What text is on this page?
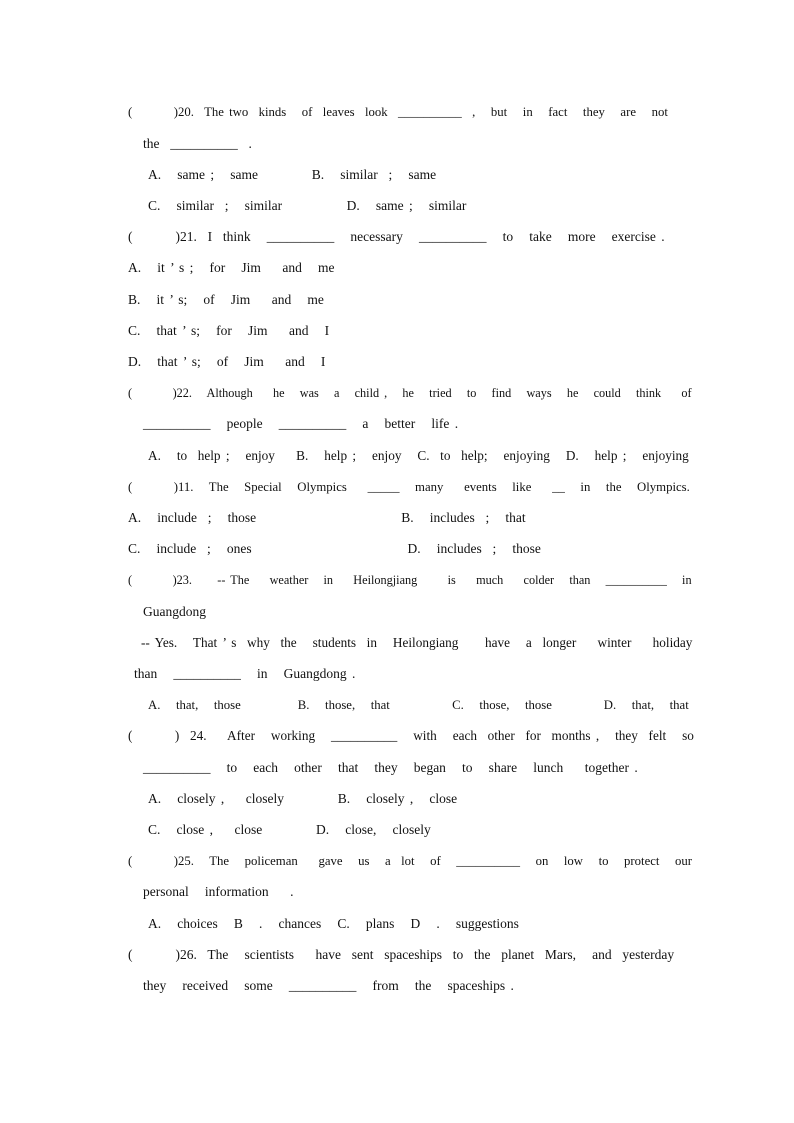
(        )20.  The two  kinds   of  leaves  look  __________  ,   but   in   fact   they   are   not
the  __________  .
A.   same ;   same          B.   similar  ;   same
C.   similar  ;   similar            D.   same ;   similar
(        )21.  I  think   __________   necessary   __________   to   take   more   exercise .
A.   it ’ s ;   for   Jim    and   me
B.   it ’ s;   of   Jim    and   me
C.   that ’ s;   for   Jim    and   I
D.   that ’ s;   of   Jim    and   I
(        )22.   Although    he   was   a   child ,   he   tried   to   find   ways   he   could   think    of
__________   people   __________   a   better   life .
A.   to  help ;   enjoy    B.   help ;   enjoy   C.  to  help;   enjoying   D.   help ;   enjoying
(        )11.   The   Special   Olympics    _____   many    events   like    __   in   the   Olympics.
A.   include  ;   those                           B.   includes  ;   that
C.   include  ;   ones                             D.   includes  ;   those
(        )23.     -- The    weather   in    Heilongjiang      is    much    colder   than   __________   in
Guangdong
-- Yes.   That ’ s  why  the   students  in   Heilongiang     have   a  longer    winter    holiday
than   __________   in   Guangdong .
A.   that,   those           B.   those,   that            C.   those,   those          D.   that,   that
(        )  24.    After   working   __________   with   each  other  for  months ,   they  felt   so
__________   to   each   other   that   they   began   to   share   lunch    together .
A.   closely ,    closely          B.   closely ,   close
C.   close ,    close          D.   close,   closely
(        )25.   The   policeman    gave   us   a  lot   of   __________   on   low   to   protect   our
personal   information    .
A.   choices   B   .   chances   C.   plans   D   .   suggestions
(        )26.  The   scientists    have  sent  spaceships  to  the  planet  Mars,   and  yesterday
they   received   some   __________   from   the   spaceships .
